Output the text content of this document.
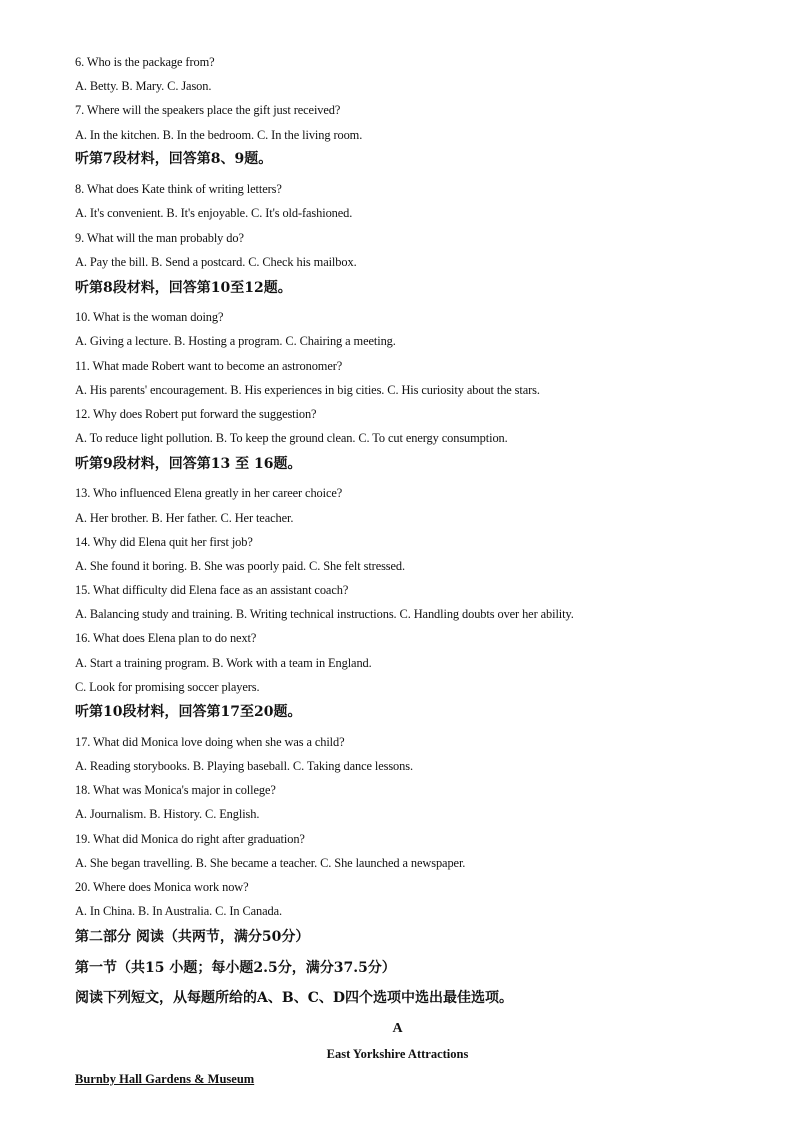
6. Who is the package from?
A. Betty. B. Mary. C. Jason.
7. Where will the speakers place the gift just received?
A. In the kitchen. B. In the bedroom. C. In the living room.
听第7段材料，回答第8、9题。
8. What does Kate think of writing letters?
A. It's convenient. B. It's enjoyable. C. It's old-fashioned.
9. What will the man probably do?
A. Pay the bill. B. Send a postcard. C. Check his mailbox.
听第8段材料，回答第10至12题。
10. What is the woman doing?
A. Giving a lecture. B. Hosting a program. C. Chairing a meeting.
11. What made Robert want to become an astronomer?
A. His parents' encouragement. B. His experiences in big cities. C. His curiosity about the stars.
12. Why does Robert put forward the suggestion?
A. To reduce light pollution. B. To keep the ground clean. C. To cut energy consumption.
听第9段材料，回答第13 至 16题。
13. Who influenced Elena greatly in her career choice?
A. Her brother. B. Her father. C. Her teacher.
14. Why did Elena quit her first job?
A. She found it boring. B. She was poorly paid. C. She felt stressed.
15. What difficulty did Elena face as an assistant coach?
A. Balancing study and training. B. Writing technical instructions. C. Handling doubts over her ability.
16. What does Elena plan to do next?
A. Start a training program. B. Work with a team in England.
C. Look for promising soccer players.
听第10段材料，回答第17至20题。
17. What did Monica love doing when she was a child?
A. Reading storybooks. B. Playing baseball. C. Taking dance lessons.
18. What was Monica's major in college?
A. Journalism. B. History. C. English.
19. What did Monica do right after graduation?
A. She began travelling. B. She became a teacher. C. She launched a newspaper.
20. Where does Monica work now?
A. In China. B. In Australia. C. In Canada.
第二部分 阅读（共两节，满分50分）
第一节（共15 小题；每小题2.5分，满分37.5分）
阅读下列短文，从每题所给的A、B、C、D四个选项中选出最佳选项。
A
East Yorkshire Attractions
Burnby Hall Gardens & Museum
